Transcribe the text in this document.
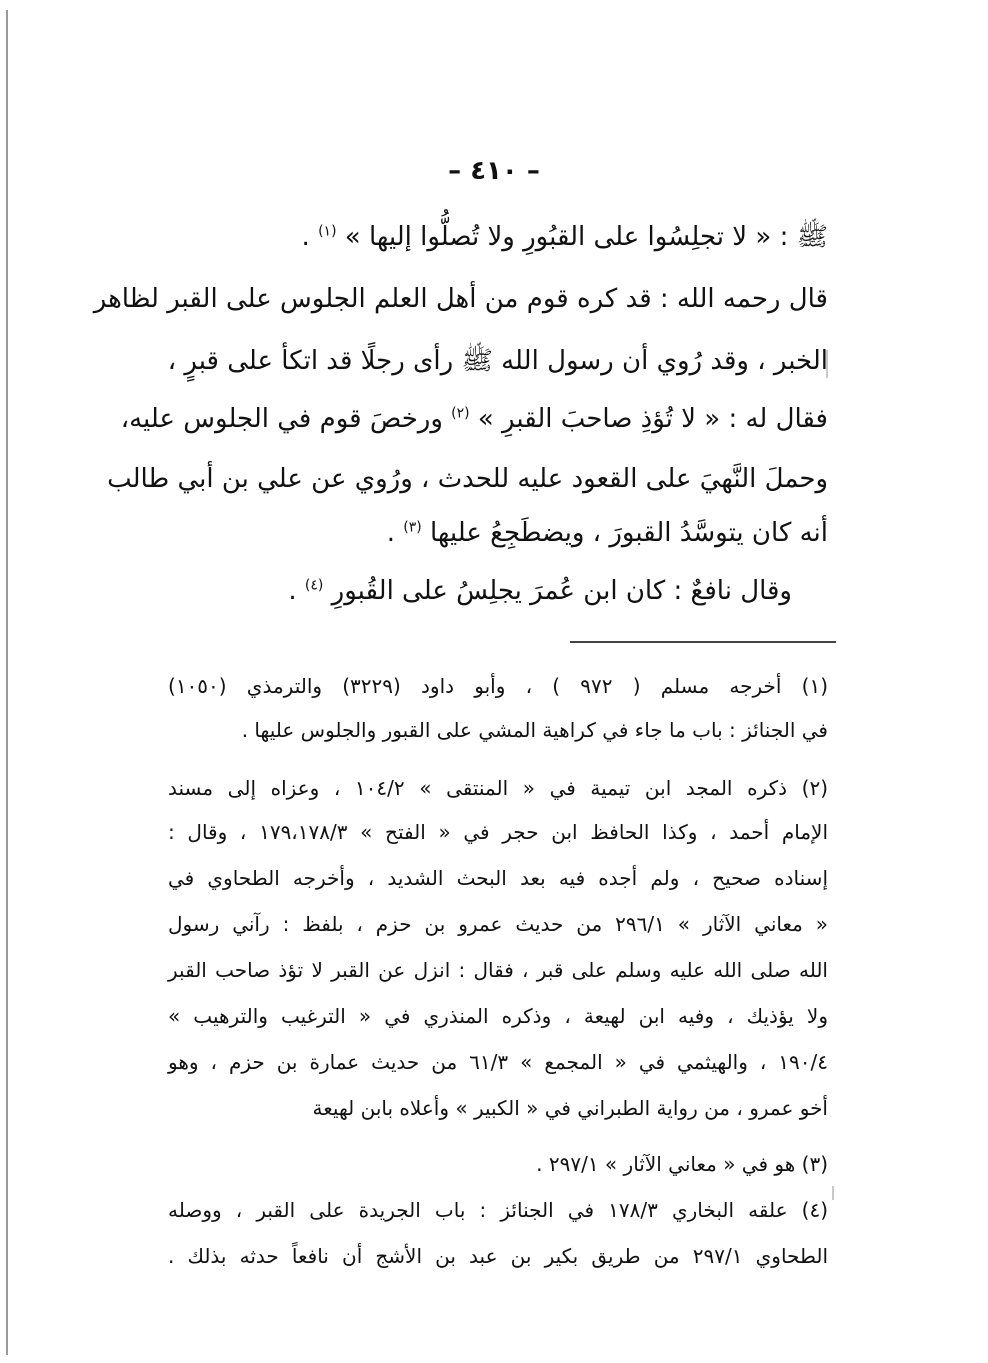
– ٤١٠ –
ﷺ : « لا تجلِسُوا على القبُورِ ولا تُصلُّوا إليها » $^{(١)}$ .
قال رحمه الله : قد كره قوم من أهل العلم الجلوس على القبر لظاهر
الخبر ، وقد رُوي أن رسول الله ﷺ رأى رجلًا قد اتكأ على قبرٍ ،
فقال له : « لا تُؤذِ صاحبَ القبرِ » $^{(٢)}$ ورخصَ قوم في الجلوس عليه،
وحملَ النَّهيَ على القعود عليه للحدث ، ورُوي عن علي بن أبي طالب
أنه كان يتوسَّدُ القبورَ ، ويضطَجِعُ عليها $^{(٣)}$ .
وقال نافعٌ : كان ابن عُمرَ يجلِسُ على القُبورِ $^{(٤)}$ .
(١) أخرجه مسلم ( ٩٧٢ ) ، وأبو داود (٣٢٢٩) والترمذي (١٠٥٠)
في الجنائز : باب ما جاء في كراهية المشي على القبور والجلوس عليها .
(٢) ذكره المجد ابن تيمية في « المنتقى » ١٠٤/٢ ، وعزاه إلى مسند
الإمام أحمد ، وكذا الحافظ ابن حجر في « الفتح » ١٧٩،١٧٨/٣ ، وقال :
إسناده صحيح ، ولم أجده فيه بعد البحث الشديد ، وأخرجه الطحاوي في
« معاني الآثار » ٢٩٦/١ من حديث عمرو بن حزم ، بلفظ : رآني رسول
الله صلى الله عليه وسلم على قبر ، فقال : انزل عن القبر لا تؤذ صاحب القبر
ولا يؤذيك ، وفيه ابن لهيعة ، وذكره المنذري في « الترغيب والترهيب »
١٩٠/٤ ، والهيثمي في « المجمع » ٦١/٣ من حديث عمارة بن حزم ، وهو
أخو عمرو ، من رواية الطبراني في « الكبير » وأعلاه بابن لهيعة
(٣) هو في « معاني الآثار » ٢٩٧/١ .
(٤) علقه البخاري ١٧٨/٣ في الجنائز : باب الجريدة على القبر ، ووصله
الطحاوي ٢٩٧/١ من طريق بكير بن عبد بن الأشج أن نافعاً حدثه بذلك .
